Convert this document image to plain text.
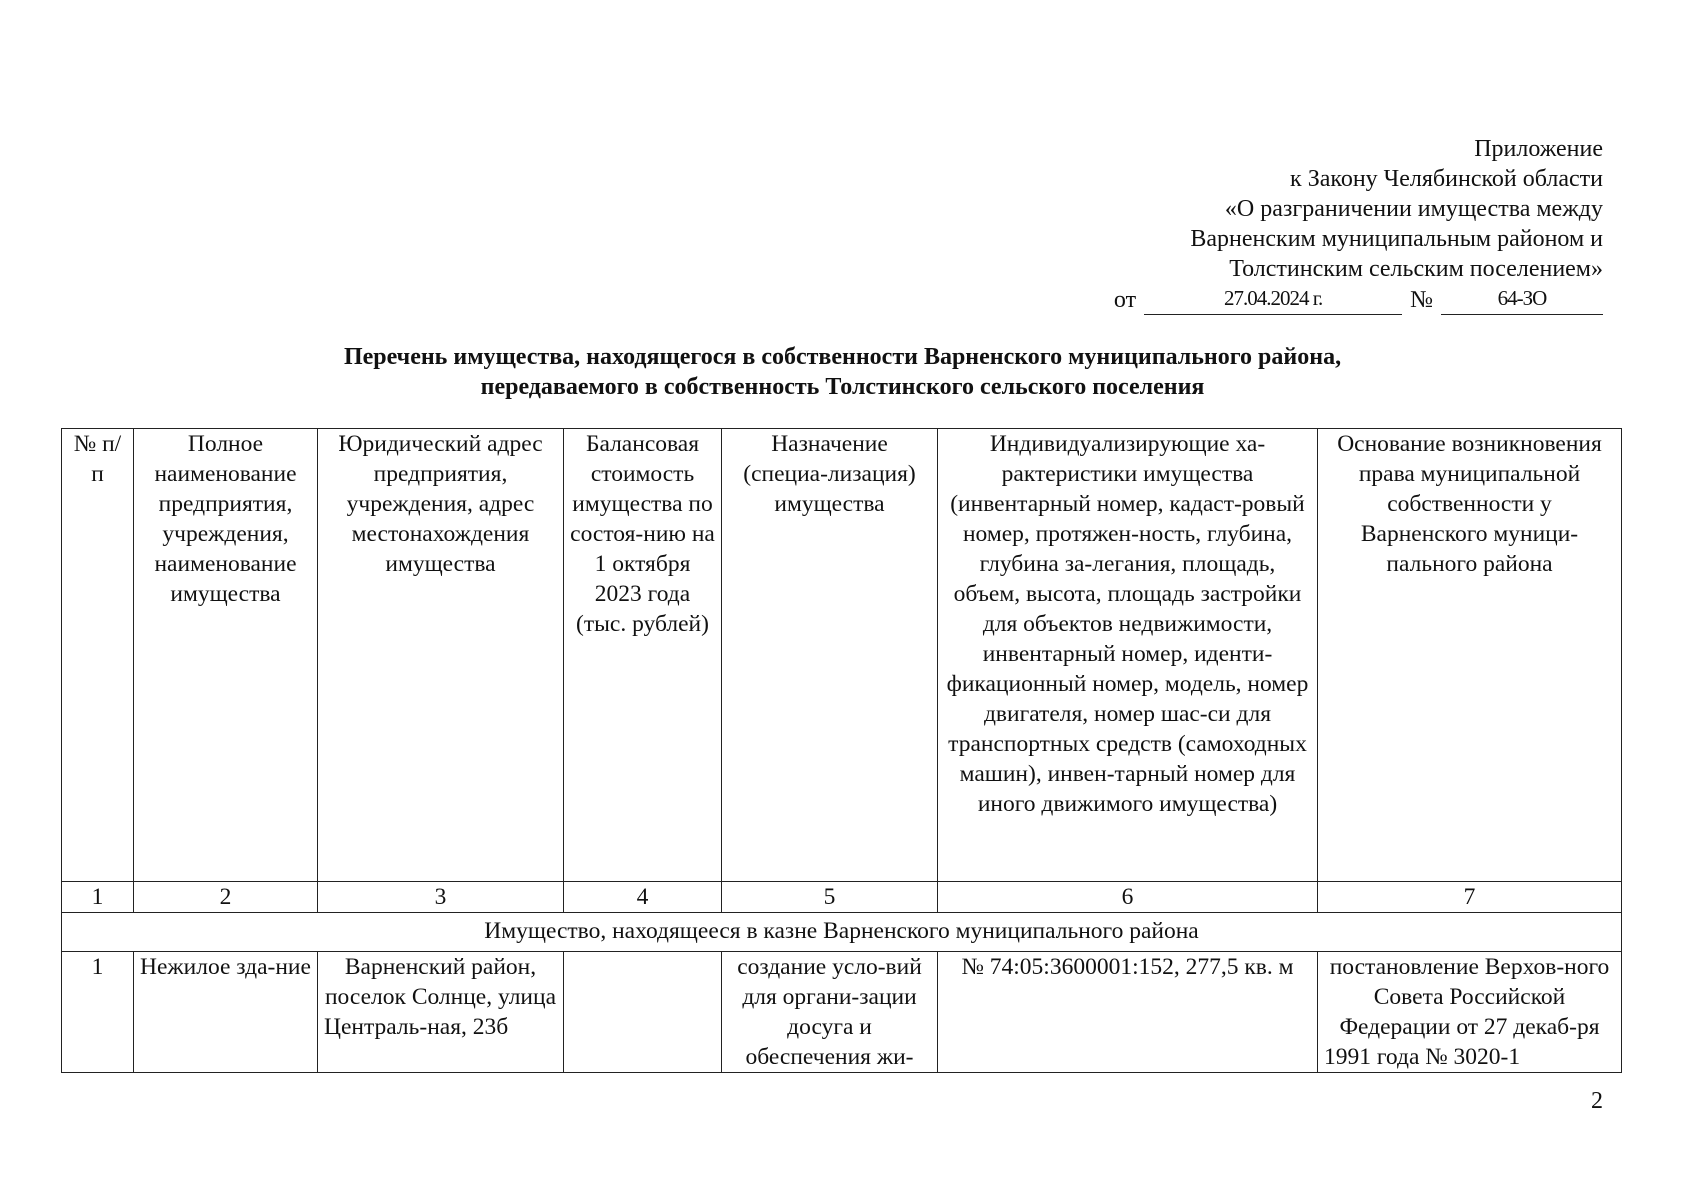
Приложение
к Закону Челябинской области
«О разграничении имущества между
Варненским муниципальным районом и
Толстинским сельским поселением»
от	27.04.2024 г.	№	64-ЗО
Перечень имущества, находящегося в собственности Варненского муниципального района,
передаваемого в собственность Толстинского сельского поселения
№ п/п	Полное наименование предприятия, учреждения, наименование имущества	Юридический адрес предприятия, учреждения, адрес местонахождения имущества	Балансовая стоимость имущества по состоя-нию на 1 октября 2023 года (тыс. рублей)	Назначение (специа-лизация) имущества	Индивидуализирующие ха-рактеристики имущества (инвентарный номер, кадаст-ровый номер, протяжен-ность, глубина, глубина за-легания, площадь, объем, высота, площадь застройки для объектов недвижимости, инвентарный номер, иденти-фикационный номер, модель, номер двигателя, номер шас-си для транспортных средств (самоходных машин), инвен-тарный номер для иного движимого имущества)	Основание возникновения права муниципальной собственности у Варненского муници-пального района
1	2	3	4	5	6	7
Имущество, находящееся в казне Варненского муниципального района						
1	Нежилое зда-ние	Варненский район, поселок Солнце, улица Централь-ная, 23б		создание усло-вий для органи-зации досуга и обеспечения жи-	№ 74:05:3600001:152, 277,5 кв. м	постановление Верхов-ного Совета Российской Федерации от 27 декаб-ря 1991 года № 3020-1
2
